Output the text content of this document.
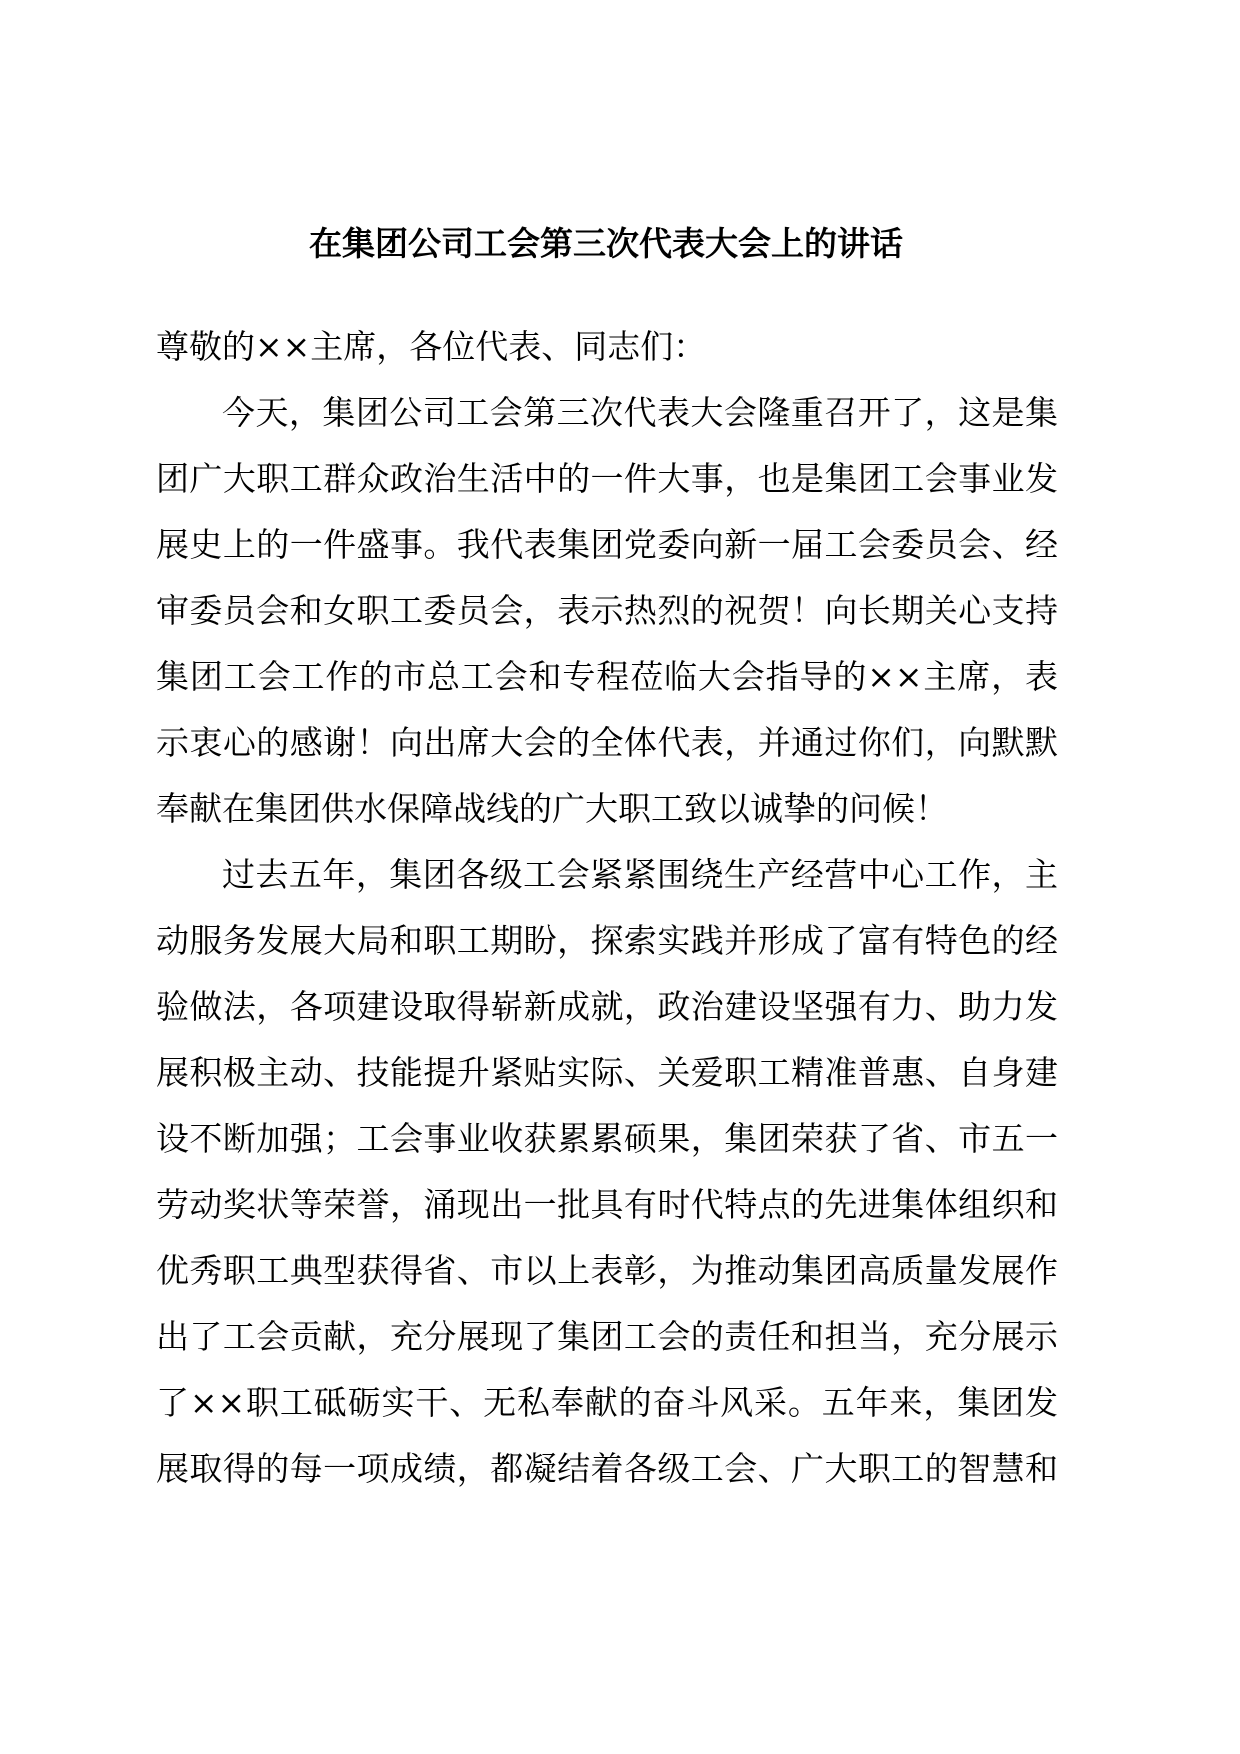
在集团公司工会第三次代表大会上的讲话
尊敬的××主席，各位代表、同志们：
今天，集团公司工会第三次代表大会隆重召开了，这是集
团广大职工群众政治生活中的一件大事，也是集团工会事业发
展史上的一件盛事。我代表集团党委向新一届工会委员会、经
审委员会和女职工委员会，表示热烈的祝贺！向长期关心支持
集团工会工作的市总工会和专程莅临大会指导的××主席，表
示衷心的感谢！向出席大会的全体代表，并通过你们，向默默
奉献在集团供水保障战线的广大职工致以诚挚的问候！
过去五年，集团各级工会紧紧围绕生产经营中心工作，主
动服务发展大局和职工期盼，探索实践并形成了富有特色的经
验做法，各项建设取得崭新成就，政治建设坚强有力、助力发
展积极主动、技能提升紧贴实际、关爱职工精准普惠、自身建
设不断加强；工会事业收获累累硕果，集团荣获了省、市五一
劳动奖状等荣誉，涌现出一批具有时代特点的先进集体组织和
优秀职工典型获得省、市以上表彰，为推动集团高质量发展作
出了工会贡献，充分展现了集团工会的责任和担当，充分展示
了××职工砥砺实干、无私奉献的奋斗风采。五年来，集团发
展取得的每一项成绩，都凝结着各级工会、广大职工的智慧和
